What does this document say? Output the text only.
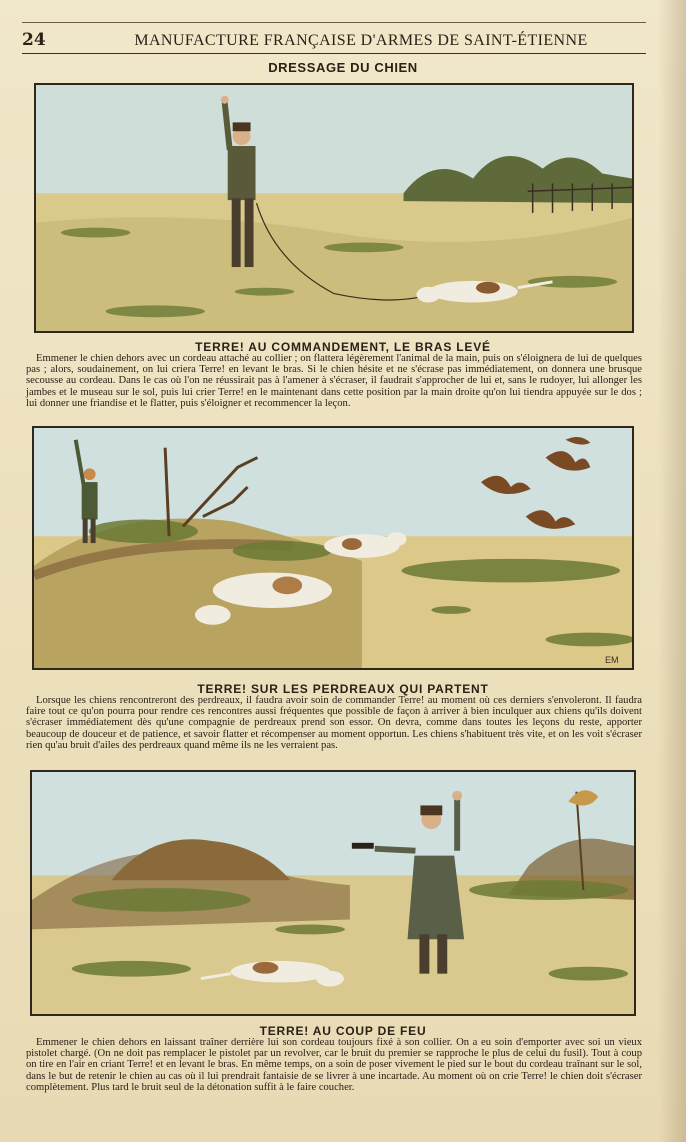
24	MANUFACTURE FRANÇAISE D'ARMES DE SAINT-ÉTIENNE
DRESSAGE DU CHIEN
TERRE! AU COMMANDEMENT, LE BRAS LEVÉ

Emmener le chien dehors avec un cordeau attaché au collier ; on flattera légèrement l'animal de la main, puis on s'éloignera de lui de quelques pas ; alors, soudainement, on lui criera Terre! en levant le bras. Si le chien hésite et ne s'écrase pas immédiatement, on donnera une brusque secousse au cordeau. Dans le cas où l'on ne réussirait pas à l'amener à s'écraser, il faudrait s'approcher de lui et, sans le rudoyer, lui allonger les jambes et le museau sur le sol, puis lui crier Terre! en le maintenant dans cette position par la main droite qu'on lui tiendra appuyée sur le dos ; lui donner une friandise et le flatter, puis s'éloigner et recommencer la leçon.

EM
TERRE! SUR LES PERDREAUX QUI PARTENT

Lorsque les chiens rencontreront des perdreaux, il faudra avoir soin de commander Terre! au moment où ces derniers s'envoleront. Il faudra faire tout ce qu'on pourra pour rendre ces rencontres aussi fréquentes que possible de façon à arriver à bien inculquer aux chiens qu'ils doivent s'écraser immédiatement dès qu'une compagnie de perdreaux prend son essor. On devra, comme dans toutes les leçons du reste, apporter beaucoup de douceur et de patience, et savoir flatter et récompenser au moment opportun. Les chiens s'habituent très vite, et on les voit s'écraser rien qu'au bruit d'ailes des perdreaux quand même ils ne les verraient pas.

TERRE! AU COUP DE FEU

Emmener le chien dehors en laissant traîner derrière lui son cordeau toujours fixé à son collier. On a eu soin d'emporter avec soi un vieux pistolet chargé. (On ne doit pas remplacer le pistolet par un revolver, car le bruit du premier se rapproche le plus de celui du fusil). Tout à coup on tire en l'air en criant Terre! et en levant le bras. En même temps, on a soin de poser vivement le pied sur le bout du cordeau traînant sur le sol, dans le but de retenir le chien au cas où il lui prendrait fantaisie de se livrer à une incartade. Au moment où on crie Terre! le chien doit s'écraser complètement. Plus tard le bruit seul de la détonation suffit à le faire coucher.
